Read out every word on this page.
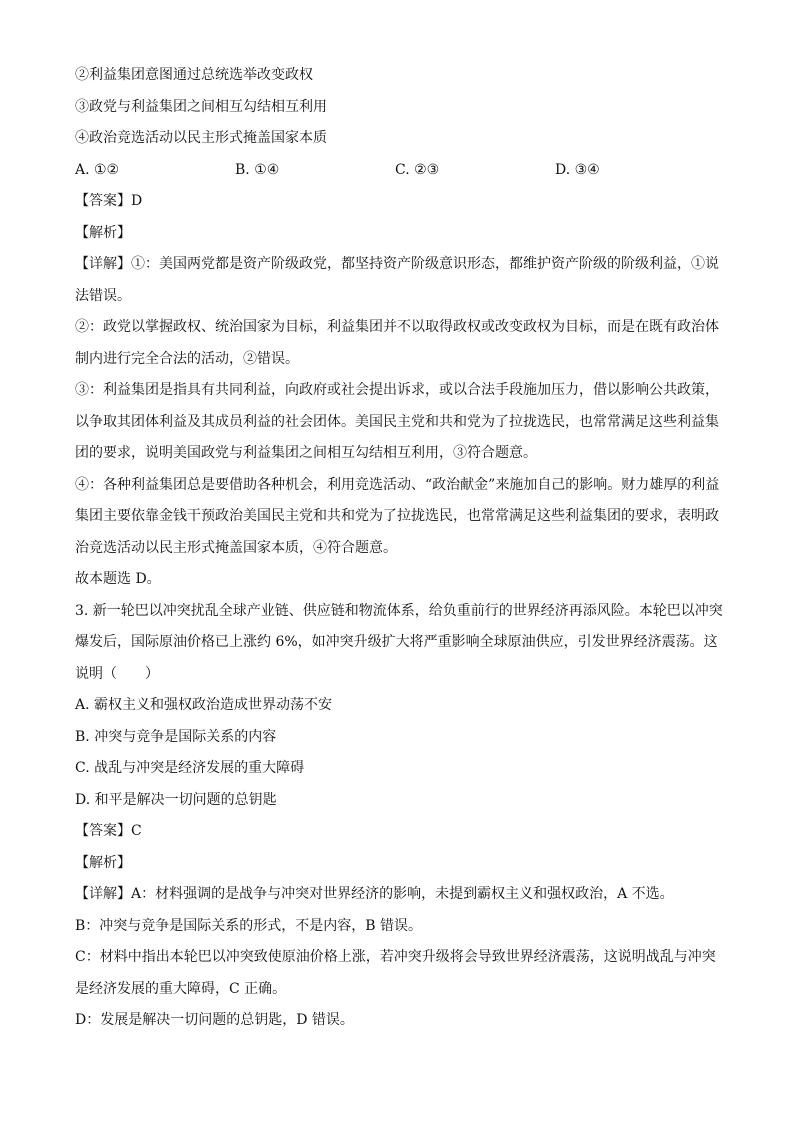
②利益集团意图通过总统选举改变政权
③政党与利益集团之间相互勾结相互利用
④政治竞选活动以民主形式掩盖国家本质
A. ①②	B. ①④	C. ②③	D. ③④
【答案】D
【解析】
【详解】①：美国两党都是资产阶级政党，都坚持资产阶级意识形态，都维护资产阶级的阶级利益，①说法错误。
②：政党以掌握政权、统治国家为目标，利益集团并不以取得政权或改变政权为目标，而是在既有政治体制内进行完全合法的活动，②错误。
③：利益集团是指具有共同利益，向政府或社会提出诉求，或以合法手段施加压力，借以影响公共政策，以争取其团体利益及其成员利益的社会团体。美国民主党和共和党为了拉拢选民，也常常满足这些利益集团的要求，说明美国政党与利益集团之间相互勾结相互利用，③符合题意。
④：各种利益集团总是要借助各种机会，利用竞选活动、“政治献金”来施加自己的影响。财力雄厚的利益集团主要依靠金钱干预政治美国民主党和共和党为了拉拢选民，也常常满足这些利益集团的要求，表明政治竞选活动以民主形式掩盖国家本质，④符合题意。
故本题选 D。
3. 新一轮巴以冲突扰乱全球产业链、供应链和物流体系，给负重前行的世界经济再添风险。本轮巴以冲突爆发后，国际原油价格已上涨约 6%，如冲突升级扩大将严重影响全球原油供应，引发世界经济震荡。这说明（　　）
A. 霸权主义和强权政治造成世界动荡不安
B. 冲突与竞争是国际关系的内容
C. 战乱与冲突是经济发展的重大障碍
D. 和平是解决一切问题的总钥匙
【答案】C
【解析】
【详解】A：材料强调的是战争与冲突对世界经济的影响，未提到霸权主义和强权政治，A 不选。
B：冲突与竞争是国际关系的形式，不是内容，B 错误。
C：材料中指出本轮巴以冲突致使原油价格上涨，若冲突升级将会导致世界经济震荡，这说明战乱与冲突是经济发展的重大障碍，C 正确。
D：发展是解决一切问题的总钥匙，D 错误。
